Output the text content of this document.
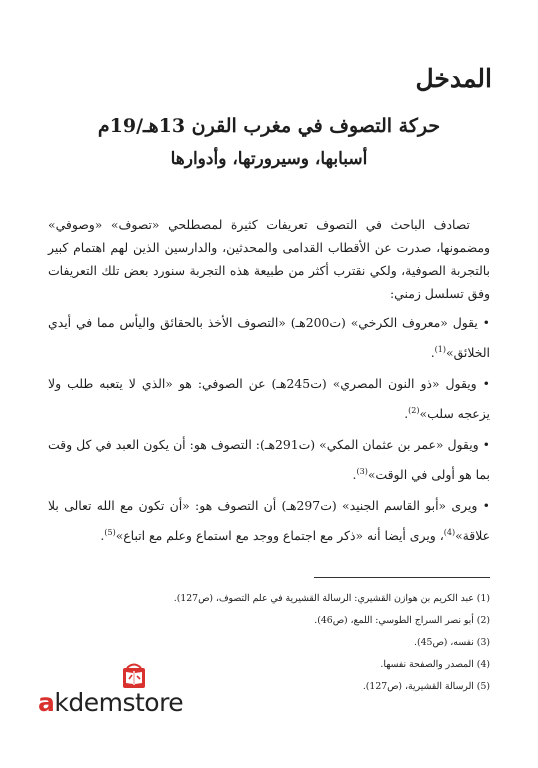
المدخل
حركة التصوف في مغرب القرن 13هـ/19م
أسبابها، وسيرورتها، وأدوارها

تصادف الباحث في التصوف تعريفات كثيرة لمصطلحي «تصوف» «وصوفي» ومضمونها، صدرت عن الأقطاب القدامى والمحدثين، والدارسين الذين لهم اهتمام كبير بالتجربة الصوفية، ولكي نقترب أكثر من طبيعة هذه التجربة سنورد بعض تلك التعريفات وفق تسلسل زمني:

• يقول «معروف الكرخي» (ت200هـ) «التصوف الأخذ بالحقائق واليأس مما في أيدي الخلائق»$^{(1)}$.

• ويقول «ذو النون المصري» (ت245هـ) عن الصوفي: هو «الذي لا يتعبه طلب ولا يزعجه سلب»$^{(2)}$.

• ويقول «عمر بن عثمان المكي» (ت291هـ): التصوف هو: أن يكون العبد في كل وقت بما هو أولى في الوقت»$^{(3)}$.

• ويرى «أبو القاسم الجنيد» (ت297هـ) أن التصوف هو: «أن تكون مع الله تعالى بلا علاقة»$^{(4)}$، ويرى أيضا أنه «ذكر مع اجتماع ووجد مع استماع وعلم مع اتباع»$^{(5)}$.

(1) عبد الكريم بن هوازن القشيري: الرسالة القشيرية في علم التصوف، (ص127).
(2) أبو نصر السراج الطوسي: اللمع، (ص46).
(3) نفسه، (ص45).
(4) المصدر والصفحة نفسها.
(5) الرسالة القشيرية، (ص127).
akdemstore
